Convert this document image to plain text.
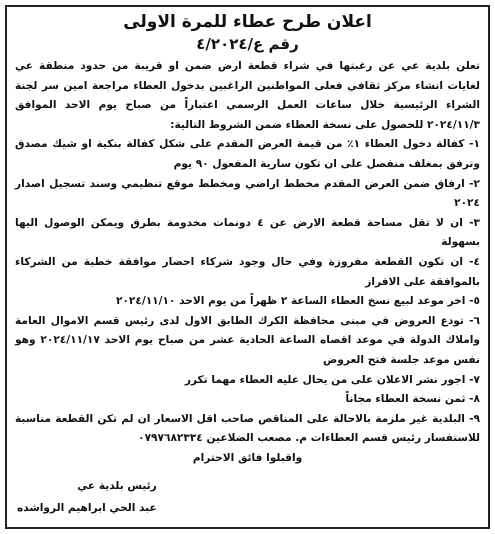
اعلان طرح عطاء للمرة الاولى
رقم ع/٤/٢٠٢٤

تعلن بلدية عي عن رغبتها في شراء قطعة ارض ضمن او قريبة من حدود منطقة عي لغايات انشاء مركز ثقافي فعلى المواطنين الراغبين بدخول العطاء مراجعة امين سر لجنة الشراء الرئيسية خلال ساعات العمل الرسمي اعتباراً من صباح يوم الاحد الموافق ٢٠٢٤/١١/٣ للحصول على نسخة العطاء ضمن الشروط التالية:

١- كفالة دخول العطاء ١٪ من قيمة العرض المقدم على شكل كفالة بنكية او شيك مصدق وترفق بمغلف منفصل على ان تكون سارية المفعول ٩٠ يوم

٢- ارفاق ضمن العرض المقدم مخطط اراضي ومخطط موقع تنظيمي وسند تسجيل اصدار ٢٠٢٤

٣- ان لا تقل مساحة قطعة الارض عن ٤ دونمات مخدومة بطرق ويمكن الوصول اليها بسهولة

٤- ان تكون القطعة مفروزة وفي حال وجود شركاء احضار موافقة خطية من الشركاء بالموافقة على الافراز

٥- اخر موعد لبيع نسخ العطاء الساعة ٢ ظهراً من يوم الاحد ٢٠٢٤/١١/١٠

٦- تودع العروض في مبنى محافظة الكرك الطابق الاول لدى رئيس قسم الاموال العامة واملاك الدولة في موعد اقصاه الساعة الحادية عشر من صباح يوم الاحد ٢٠٢٤/١١/١٧ وهو نفس موعد جلسة فتح العروض

٧- اجور نشر الاعلان على من يحال عليه العطاء مهما تكرر

٨- ثمن نسخة العطاء مجاناً

٩- البلدية غير ملزمة بالاحالة على المناقص صاحب اقل الاسعار ان لم تكن القطعة مناسبة للاستفسار رئيس قسم العطاءات م. مصعب الضلاعين ٠٧٩٧٦٨٢٣٣٤

واقبلوا فائق الاحترام
رئيس بلدية عي
عبد الحي ابراهيم الرواشده
